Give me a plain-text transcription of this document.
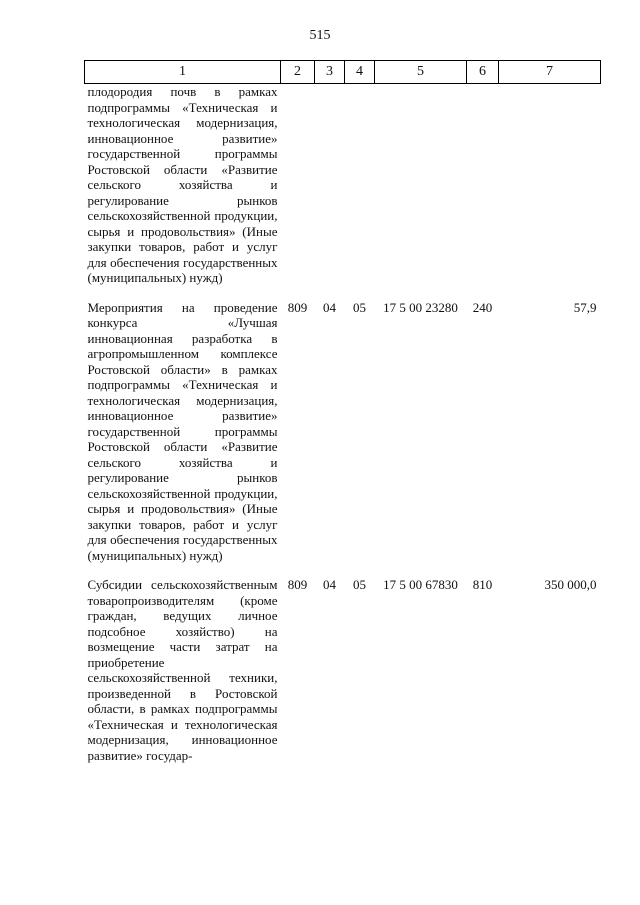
515
1	2	3	4	5	6	7
плодородия почв в рамках подпрограммы «Техническая и технологическая модернизация, инновационное развитие» государственной программы Ростовской области «Развитие сельского хозяйства и регулирование рынков сельскохозяйственной продукции, сырья и продовольствия» (Иные закупки товаров, работ и услуг для обеспечения государственных (муниципальных) нужд)						
Мероприятия на проведение конкурса «Лучшая инновационная разработка в агропромышленном комплексе Ростовской области» в рамках подпрограммы «Техническая и технологическая модернизация, инновационное развитие» государственной программы Ростовской области «Развитие сельского хозяйства и регулирование рынков сельскохозяйственной продукции, сырья и продовольствия» (Иные закупки товаров, работ и услуг для обеспечения государственных (муниципальных) нужд)	809	04	05	17 5 00 23280	240	57,9
Субсидии сельскохозяйственным товаропроизводителям (кроме граждан, ведущих личное подсобное хозяйство) на возмещение части затрат на приобретение сельскохозяйственной техники, произведенной в Ростовской области, в рамках подпрограммы «Техническая и технологическая модернизация, инновационное развитие» государ-	809	04	05	17 5 00 67830	810	350 000,0
